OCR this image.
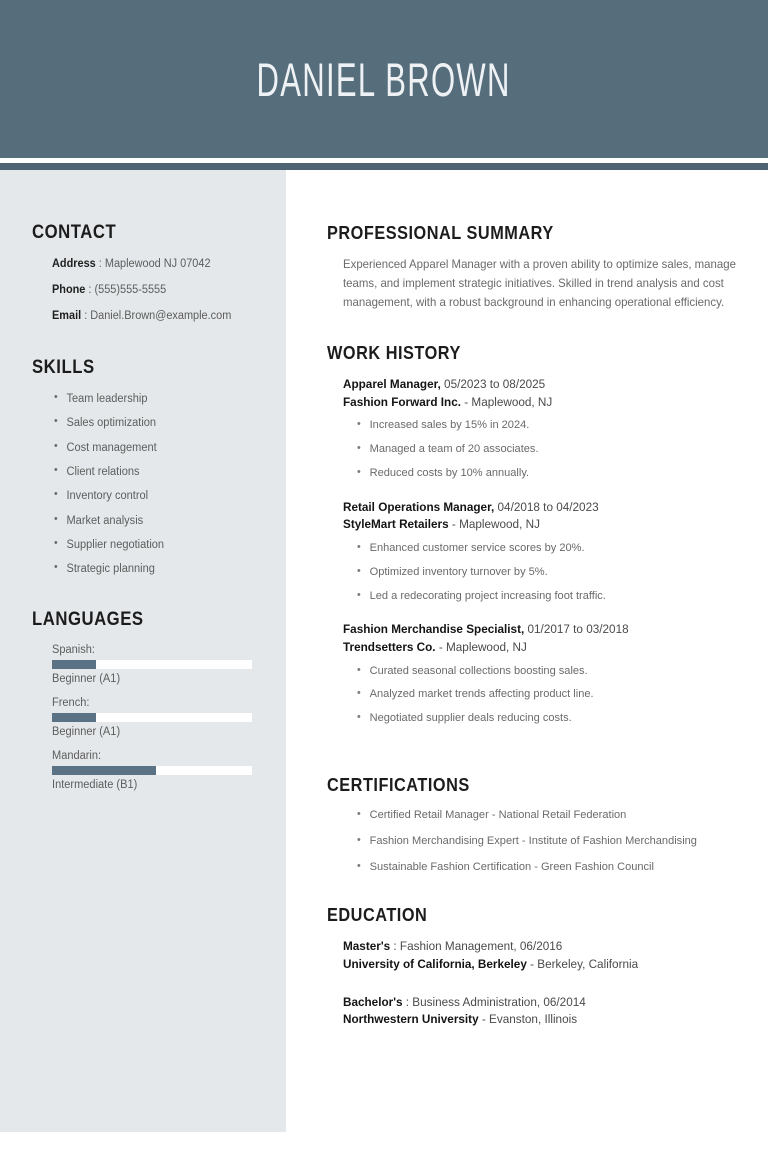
DANIEL BROWN
CONTACT
Address : Maplewood NJ 07042
Phone : (555)555-5555
Email : Daniel.Brown@example.com
SKILLS
• Team leadership
• Sales optimization
• Cost management
• Client relations
• Inventory control
• Market analysis
• Supplier negotiation
• Strategic planning
LANGUAGES
Spanish:
Beginner (A1)
French:
Beginner (A1)
Mandarin:
Intermediate (B1)
PROFESSIONAL SUMMARY
Experienced Apparel Manager with a proven ability to optimize sales, manage teams, and implement strategic initiatives. Skilled in trend analysis and cost management, with a robust background in enhancing operational efficiency.
WORK HISTORY
Apparel Manager, 05/2023 to 08/2025
Fashion Forward Inc. - Maplewood, NJ
• Increased sales by 15% in 2024.
• Managed a team of 20 associates.
• Reduced costs by 10% annually.
Retail Operations Manager, 04/2018 to 04/2023
StyleMart Retailers - Maplewood, NJ
• Enhanced customer service scores by 20%.
• Optimized inventory turnover by 5%.
• Led a redecorating project increasing foot traffic.
Fashion Merchandise Specialist, 01/2017 to 03/2018
Trendsetters Co. - Maplewood, NJ
• Curated seasonal collections boosting sales.
• Analyzed market trends affecting product line.
• Negotiated supplier deals reducing costs.
CERTIFICATIONS
• Certified Retail Manager - National Retail Federation
• Fashion Merchandising Expert - Institute of Fashion Merchandising
• Sustainable Fashion Certification - Green Fashion Council
EDUCATION
Master's : Fashion Management, 06/2016
University of California, Berkeley - Berkeley, California
Bachelor's : Business Administration, 06/2014
Northwestern University - Evanston, Illinois
